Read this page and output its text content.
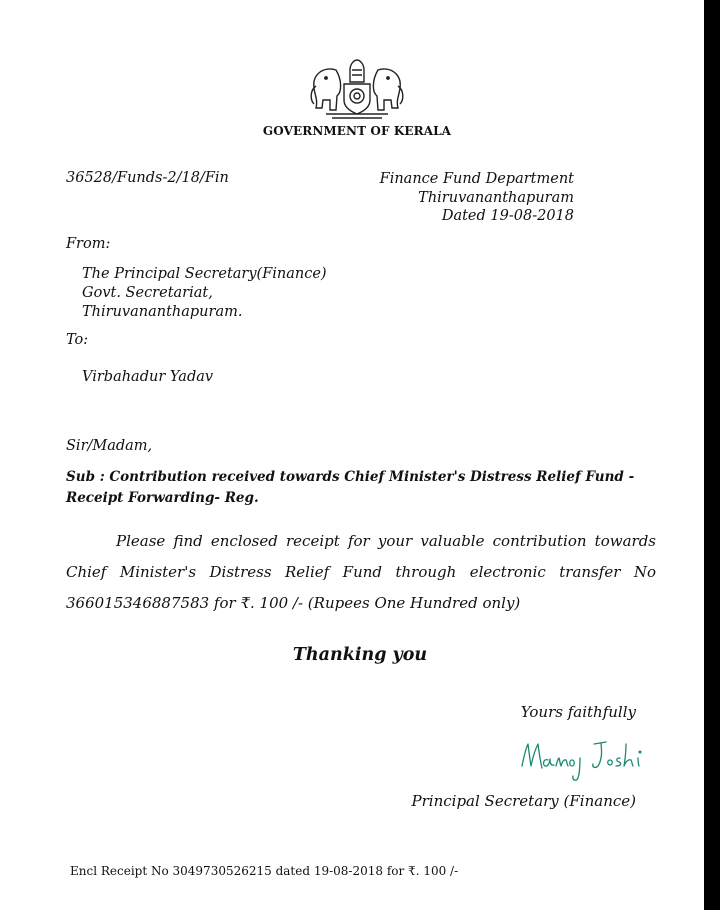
GOVERNMENT OF KERALA
36528/Funds-2/18/Fin	Finance Fund Department
Thiruvananthapuram
Dated 19-08-2018
From:
The Principal Secretary(Finance)
Govt. Secretariat,
Thiruvananthapuram.
To:
Virbahadur Yadav
Sir/Madam,
Sub : Contribution received towards Chief Minister's Distress Relief Fund - Receipt Forwarding- Reg.
Please find enclosed receipt for your valuable contribution towards Chief Minister's Distress Relief Fund through electronic transfer No 366015346887583 for ₹. 100 /- (Rupees One Hundred only)
Thanking you
Yours faithfully
Principal Secretary (Finance)
Encl Receipt No 3049730526215 dated 19-08-2018 for ₹. 100 /-
